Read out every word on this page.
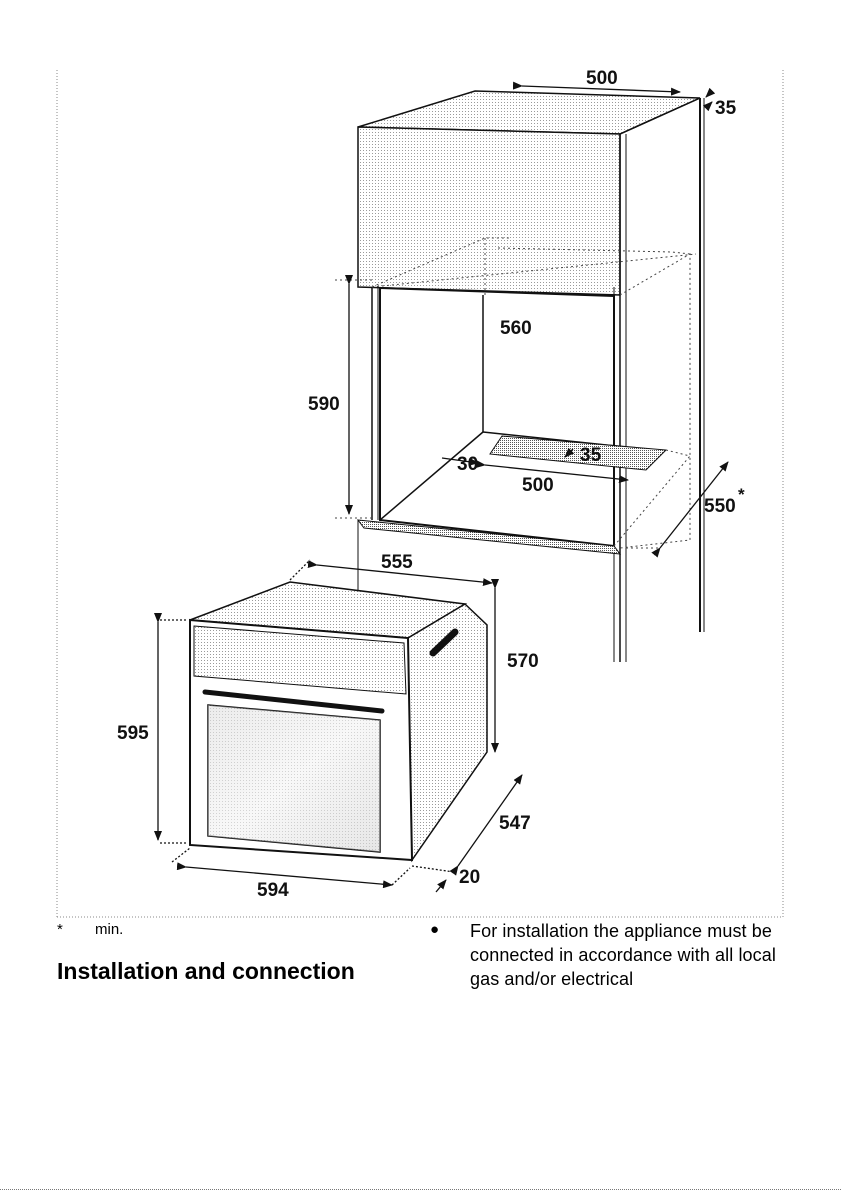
500
35
560
590
30	35
500
550
*
555
570
595
547
20
594
* min.
Installation and connection
● For installation the appliance must be connected in accordance with all local gas and/or electrical
